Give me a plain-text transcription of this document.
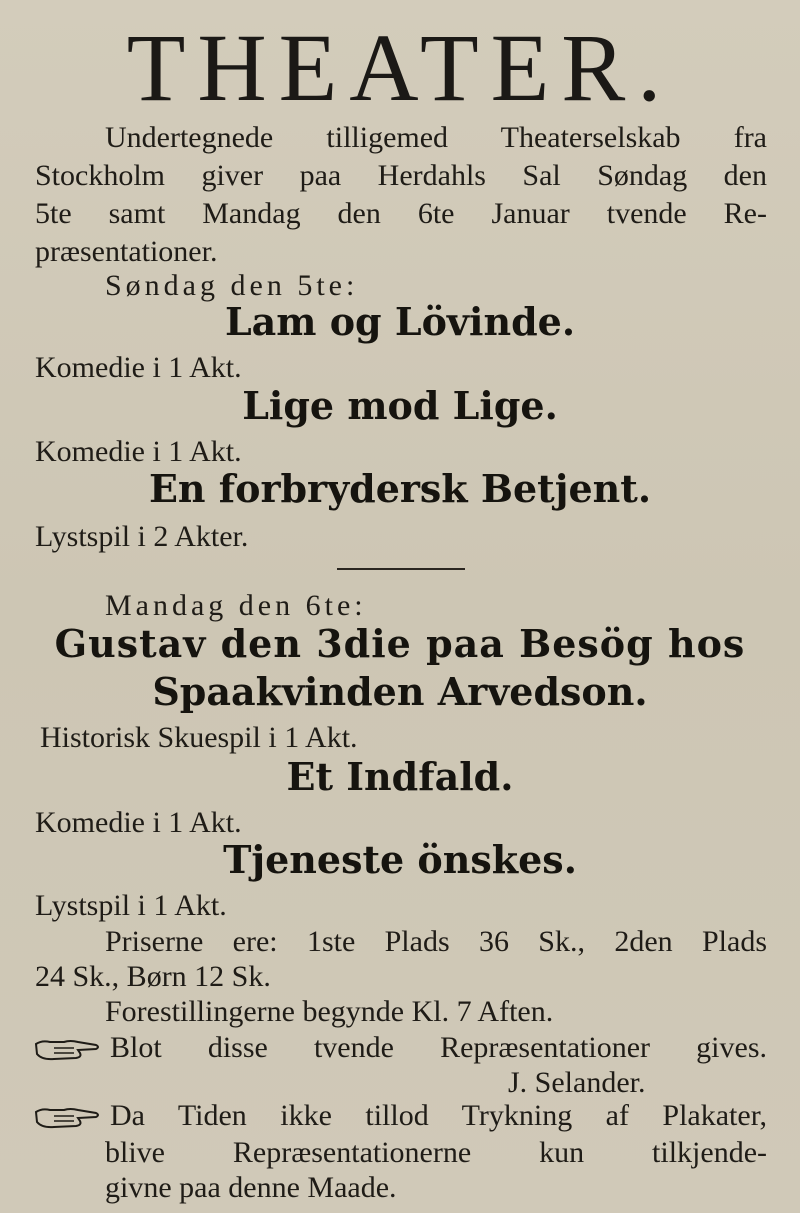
THEATER.
Undertegnede tilligemed Theaterselskab fra
Stockholm giver paa Herdahls Sal Søndag den
5te samt Mandag den 6te Januar tvende Re-
præsentationer.
Søndag den 5te:
Lam og Lövinde.
Komedie i 1 Akt.
Lige mod Lige.
Komedie i 1 Akt.
En forbrydersk Betjent.
Lystspil i 2 Akter.
Mandag den 6te:
Gustav den 3die paa Besög hos
Spaakvinden Arvedson.
Historisk Skuespil i 1 Akt.
Et Indfald.
Komedie i 1 Akt.
Tjeneste önskes.
Lystspil i 1 Akt.
Priserne ere: 1ste Plads 36 Sk., 2den Plads
24 Sk., Børn 12 Sk.
Forestillingerne begynde Kl. 7 Aften.
Blot disse tvende Repræsentationer gives.
J. Selander.
Da Tiden ikke tillod Trykning af Plakater,
blive Repræsentationerne kun tilkjende-
givne paa denne Maade.
